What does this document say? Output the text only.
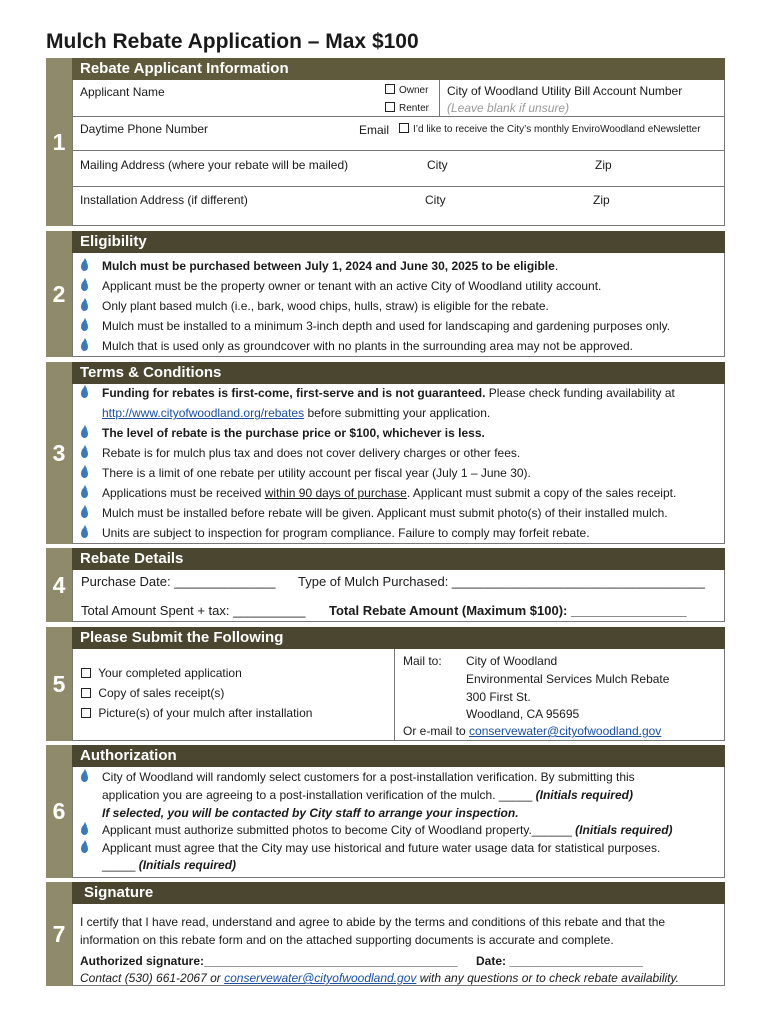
Mulch Rebate Application – Max $100
1
Rebate Applicant Information
Applicant Name	Owner
Renter
City of Woodland Utility Bill Account Number
(Leave blank if unsure)
Daytime Phone Number	Email	I’d like to receive the City’s monthly EnviroWoodland eNewsletter
Mailing Address (where your rebate will be mailed)	City	Zip
Installation Address (if different)	City	Zip
2
Eligibility
Mulch must be purchased between July 1, 2024 and June 30, 2025 to be eligible.
Applicant must be the property owner or tenant with an active City of Woodland utility account.
Only plant based mulch (i.e., bark, wood chips, hulls, straw) is eligible for the rebate.
Mulch must be installed to a minimum 3-inch depth and used for landscaping and gardening purposes only.
Mulch that is used only as groundcover with no plants in the surrounding area may not be approved.
3
Terms & Conditions
Funding for rebates is first-come, first-serve and is not guaranteed. Please check funding availability at
http://www.cityofwoodland.org/rebates before submitting your application.
The level of rebate is the purchase price or $100, whichever is less.
Rebate is for mulch plus tax and does not cover delivery charges or other fees.
There is a limit of one rebate per utility account per fiscal year (July 1 – June 30).
Applications must be received within 90 days of purchase. Applicant must submit a copy of the sales receipt.
Mulch must be installed before rebate will be given. Applicant must submit photo(s) of their installed mulch.
Units are subject to inspection for program compliance. Failure to comply may forfeit rebate.
4
Rebate Details
Purchase Date: ______________ Type of Mulch Purchased: ___________________________________
Total Amount Spent + tax: __________ Total Rebate Amount (Maximum $100): ________________
5
Please Submit the Following
Your completed application
Copy of sales receipt(s)
Picture(s) of your mulch after installation
Mail to: City of Woodland
Environmental Services Mulch Rebate
300 First St.
Woodland, CA 95695
Or e-mail to conservewater@cityofwoodland.gov
6
Authorization
City of Woodland will randomly select customers for a post-installation verification. By submitting this
application you are agreeing to a post-installation verification of the mulch. _____ (Initials required)
If selected, you will be contacted by City staff to arrange your inspection.
Applicant must authorize submitted photos to become City of Woodland property.______ (Initials required)
Applicant must agree that the City may use historical and future water usage data for statistical purposes.
_____ (Initials required)
7
Signature
I certify that I have read, understand and agree to abide by the terms and conditions of this rebate and that the
information on this rebate form and on the attached supporting documents is accurate and complete.
Authorized signature:______________________________________ Date: ____________________
Contact (530) 661-2067 or conservewater@cityofwoodland.gov with any questions or to check rebate availability.
